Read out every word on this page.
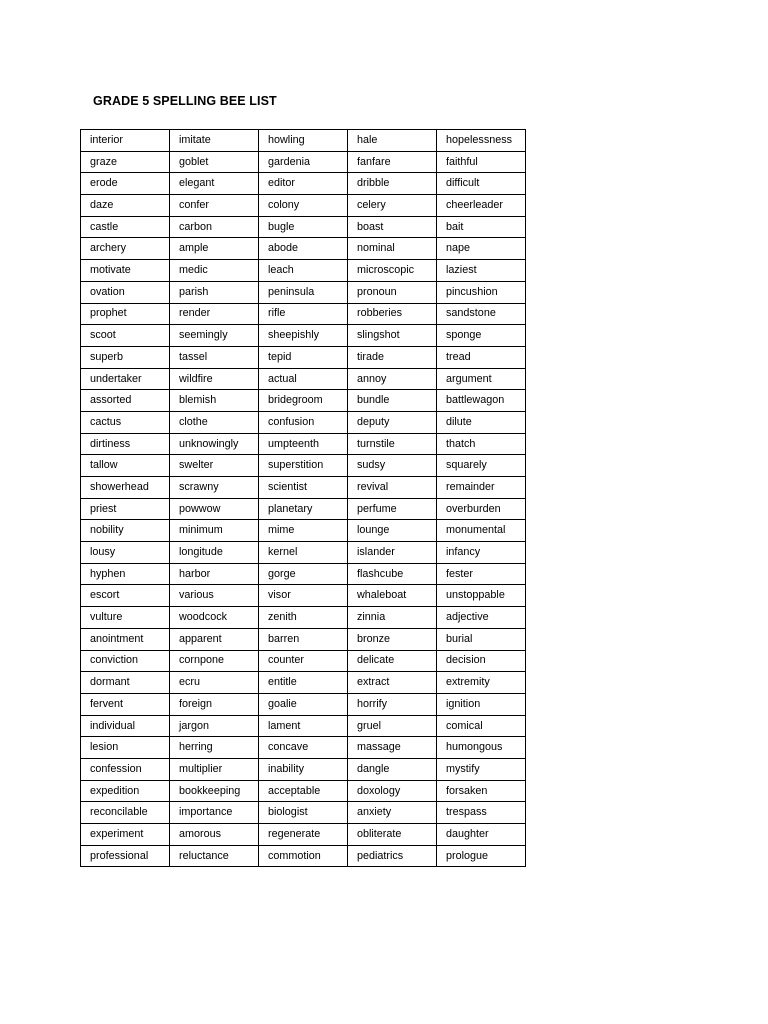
GRADE 5 SPELLING BEE LIST
interior	imitate	howling	hale	hopelessness
graze	goblet	gardenia	fanfare	faithful
erode	elegant	editor	dribble	difficult
daze	confer	colony	celery	cheerleader
castle	carbon	bugle	boast	bait
archery	ample	abode	nominal	nape
motivate	medic	leach	microscopic	laziest
ovation	parish	peninsula	pronoun	pincushion
prophet	render	rifle	robberies	sandstone
scoot	seemingly	sheepishly	slingshot	sponge
superb	tassel	tepid	tirade	tread
undertaker	wildfire	actual	annoy	argument
assorted	blemish	bridegroom	bundle	battlewagon
cactus	clothe	confusion	deputy	dilute
dirtiness	unknowingly	umpteenth	turnstile	thatch
tallow	swelter	superstition	sudsy	squarely
showerhead	scrawny	scientist	revival	remainder
priest	powwow	planetary	perfume	overburden
nobility	minimum	mime	lounge	monumental
lousy	longitude	kernel	islander	infancy
hyphen	harbor	gorge	flashcube	fester
escort	various	visor	whaleboat	unstoppable
vulture	woodcock	zenith	zinnia	adjective
anointment	apparent	barren	bronze	burial
conviction	cornpone	counter	delicate	decision
dormant	ecru	entitle	extract	extremity
fervent	foreign	goalie	horrify	ignition
individual	jargon	lament	gruel	comical
lesion	herring	concave	massage	humongous
confession	multiplier	inability	dangle	mystify
expedition	bookkeeping	acceptable	doxology	forsaken
reconcilable	importance	biologist	anxiety	trespass
experiment	amorous	regenerate	obliterate	daughter
professional	reluctance	commotion	pediatrics	prologue
